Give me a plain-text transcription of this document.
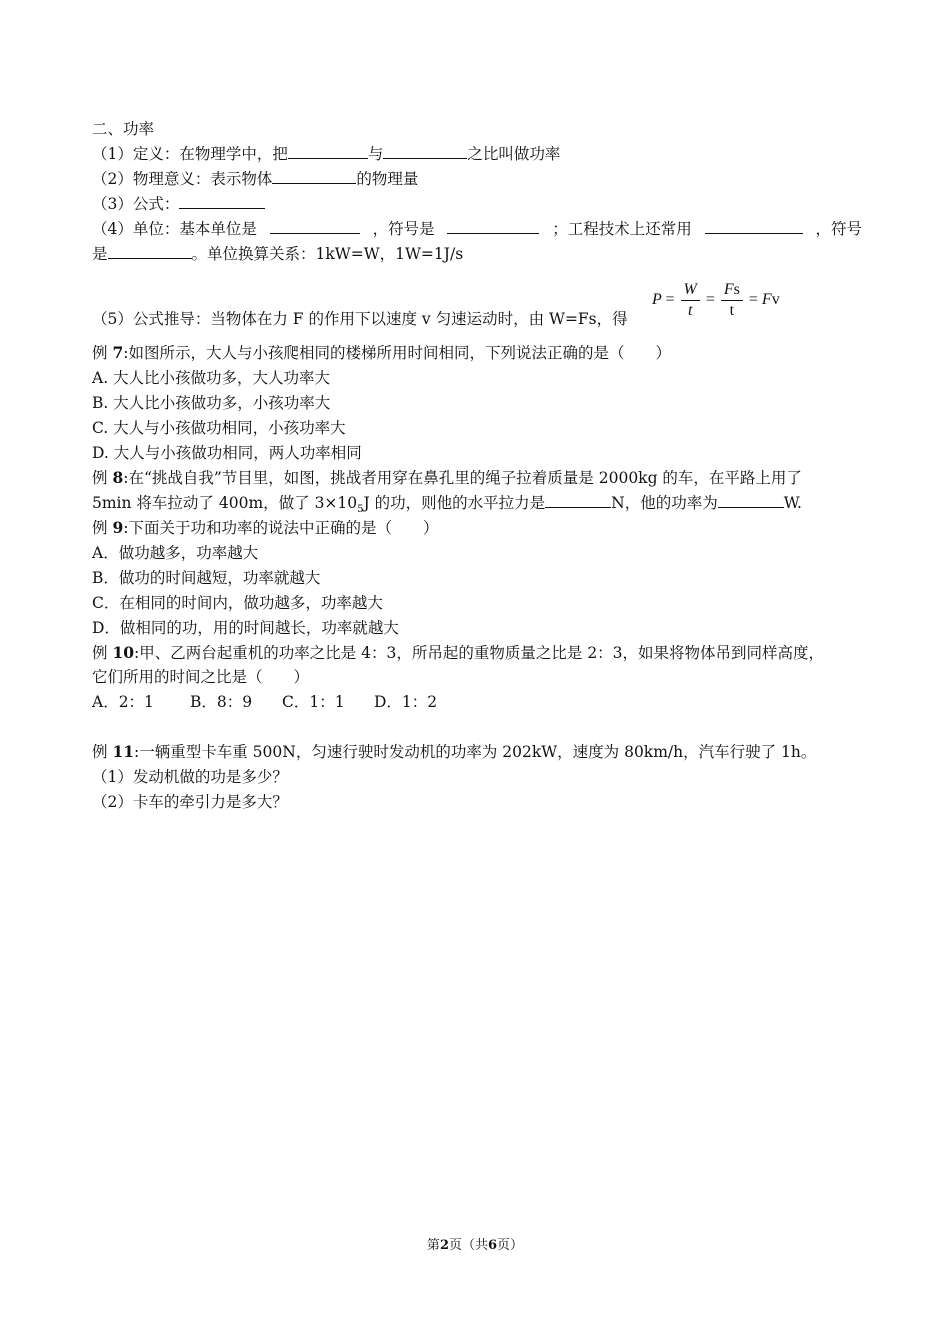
二、功率
（1）定义：在物理学中，把	与	之比叫做功率
（2）物理意义：表示物体	的物理量
（3）公式：
（4）单位：基本单位是	，符号是	；工程技术上还常用	，符号
是	。单位换算关系：1kW=W，1W=1J/s
$P = \frac{W}{t} = \frac{Fs}{t} = Fv$
（5）公式推导：当物体在力 F 的作用下以速度 v 匀速运动时，由 W=Fs，得
例 7:如图所示，大人与小孩爬相同的楼梯所用时间相同，下列说法正确的是（　　）
A. 大人比小孩做功多，大人功率大
B. 大人比小孩做功多，小孩功率大
C. 大人与小孩做功相同，小孩功率大
D. 大人与小孩做功相同，两人功率相同
例 8:在“挑战自我”节目里，如图，挑战者用穿在鼻孔里的绳子拉着质量是 2000kg 的车，在平路上用了
5min 将车拉动了 400m，做了 $3\times 10_5J$ 的功，则他的水平拉力是	N，他的功率为	W.
例 9:下面关于功和功率的说法中正确的是（　　）
A．做功越多，功率越大
B．做功的时间越短，功率就越大
C．在相同的时间内，做功越多，功率越大
D．做相同的功，用的时间越长，功率就越大
例 10:甲、乙两台起重机的功率之比是 4：3，所吊起的重物质量之比是 2：3，如果将物体吊到同样高度，
它们所用的时间之比是（　　）
A．2：1 B．8：9 C．1：1 D．1：2
例 11:一辆重型卡车重 500N，匀速行驶时发动机的功率为 202kW，速度为 80km/h，汽车行驶了 1h。
（1）发动机做的功是多少？
（2）卡车的牵引力是多大？
第2页（共6页）
